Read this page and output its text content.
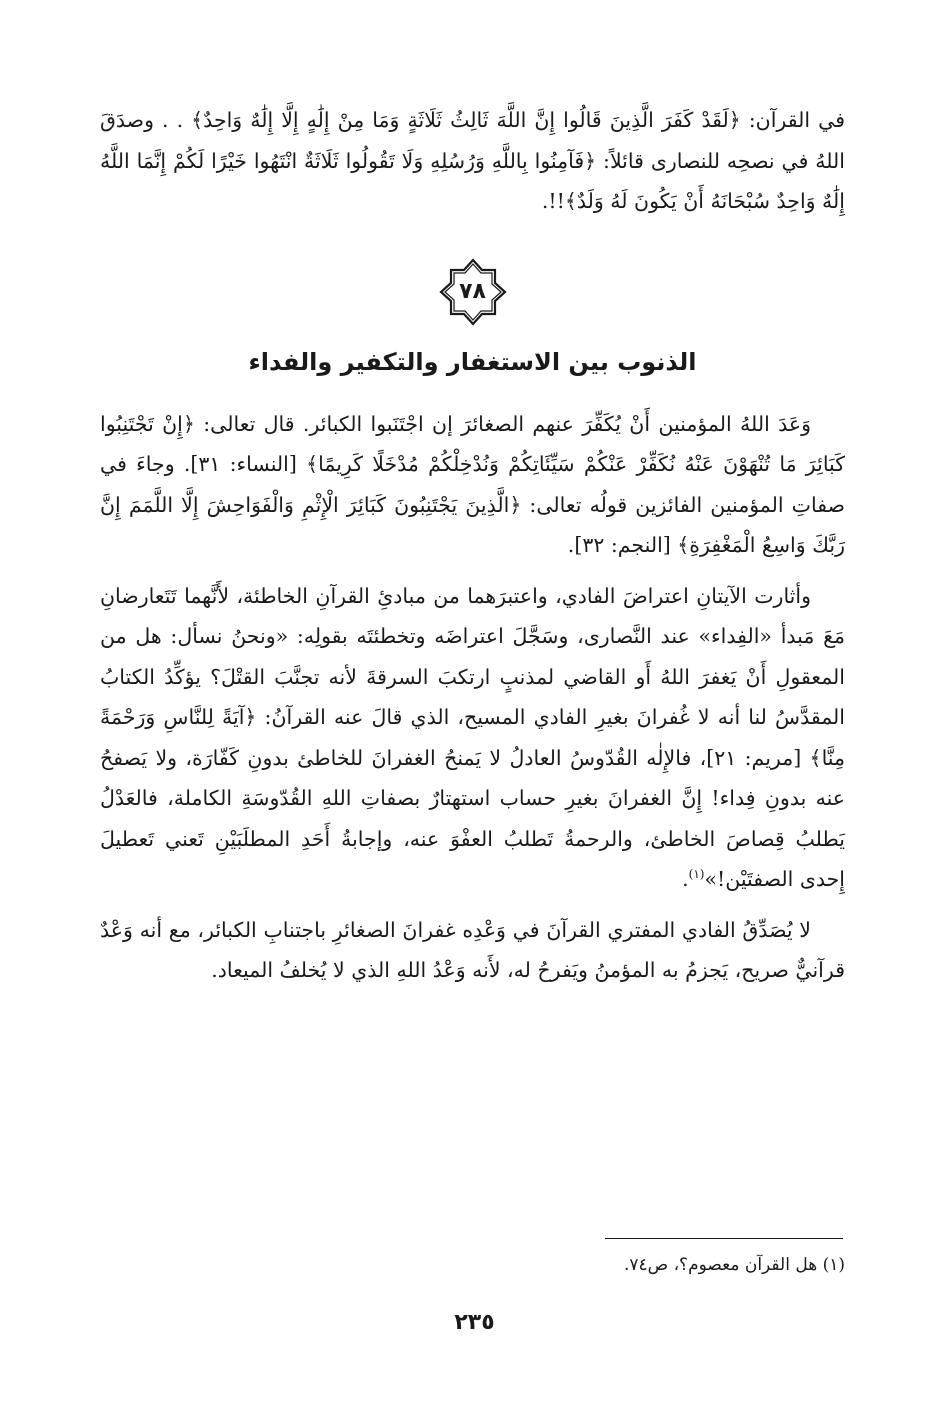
في القرآن: ﴿لَقَدْ كَفَرَ الَّذِينَ قَالُوا إِنَّ اللَّهَ ثَالِثُ ثَلَاثَةٍ وَمَا مِنْ إِلَٰهٍ إِلَّا إِلَٰهٌ وَاحِدٌ﴾ . . وصدَقَ اللهُ في نصحِه للنصارى قائلاً: ﴿فَآمِنُوا بِاللَّهِ وَرُسُلِهِ وَلَا تَقُولُوا ثَلَاثَةٌ انْتَهُوا خَيْرًا لَكُمْ إِنَّمَا اللَّهُ إِلَٰهٌ وَاحِدٌ سُبْحَانَهُ أَنْ يَكُونَ لَهُ وَلَدٌ﴾!!.

٧٨
الذنوب بين الاستغفار والتكفير والفداء

وَعَدَ اللهُ المؤمنين أَنْ يُكَفِّرَ عنهم الصغائرَ إن اجْتَنَبوا الكبائر. قال تعالى: ﴿إِنْ تَجْتَنِبُوا كَبَائِرَ مَا تُنْهَوْنَ عَنْهُ نُكَفِّرْ عَنْكُمْ سَيِّئَاتِكُمْ وَنُدْخِلْكُمْ مُدْخَلًا كَرِيمًا﴾ [النساء: ٣١]. وجاءَ في صفاتِ المؤمنين الفائزين قولُه تعالى: ﴿الَّذِينَ يَجْتَنِبُونَ كَبَائِرَ الْإِثْمِ وَالْفَوَاحِشَ إِلَّا اللَّمَمَ إِنَّ رَبَّكَ وَاسِعُ الْمَغْفِرَةِ﴾ [النجم: ٣٢].

وأثارت الآيتانِ اعتراضَ الفادي، واعتبرَهما من مبادئِ القرآنِ الخاطئة، لأَنَّهما تَتَعارضانِ مَعَ مَبدأ «الفِداء» عند النَّصارى، وسَجَّلَ اعتراضَه وتخطئتَه بقولِه: «ونحنُ نسأل: هل من المعقولِ أَنْ يَغفرَ اللهُ أَو القاضي لمذنبٍ ارتكبَ السرقةَ لأنه تجنَّبَ القتْلَ؟ يؤكِّدُ الكتابُ المقدَّسُ لنا أنه لا غُفرانَ بغيرِ الفادي المسيح، الذي قالَ عنه القرآنُ: ﴿آيَةً لِلنَّاسِ وَرَحْمَةً مِنَّا﴾ [مريم: ٢١]، فالإِلٰه القُدّوسُ العادلُ لا يَمنحُ الغفرانَ للخاطئ بدونِ كَفّارَة، ولا يَصفحُ عنه بدونِ فِداء! إِنَّ الغفرانَ بغيرِ حساب استهتارٌ بصفاتِ اللهِ القُدّوسَةِ الكاملة، فالعَدْلُ يَطلبُ قِصاصَ الخاطئ، والرحمةُ تَطلبُ العفْوَ عنه، وإجابةُ أَحَدِ المطلَبَيْنِ تَعني تَعطيلَ إِحدى الصفتَيْن!»$^{(١)}$.

لا يُصَدِّقُ الفادي المفتري القرآنَ في وَعْدِه غفرانَ الصغائرِ باجتنابِ الكبائر، مع أنه وَعْدٌ قرآنيٌّ صريح، يَجزمُ به المؤمنُ ويَفرحُ له، لأَنه وَعْدُ اللهِ الذي لا يُخلفُ الميعاد.

(١) هل القرآن معصوم؟، ص٧٤.
٢٣٥
